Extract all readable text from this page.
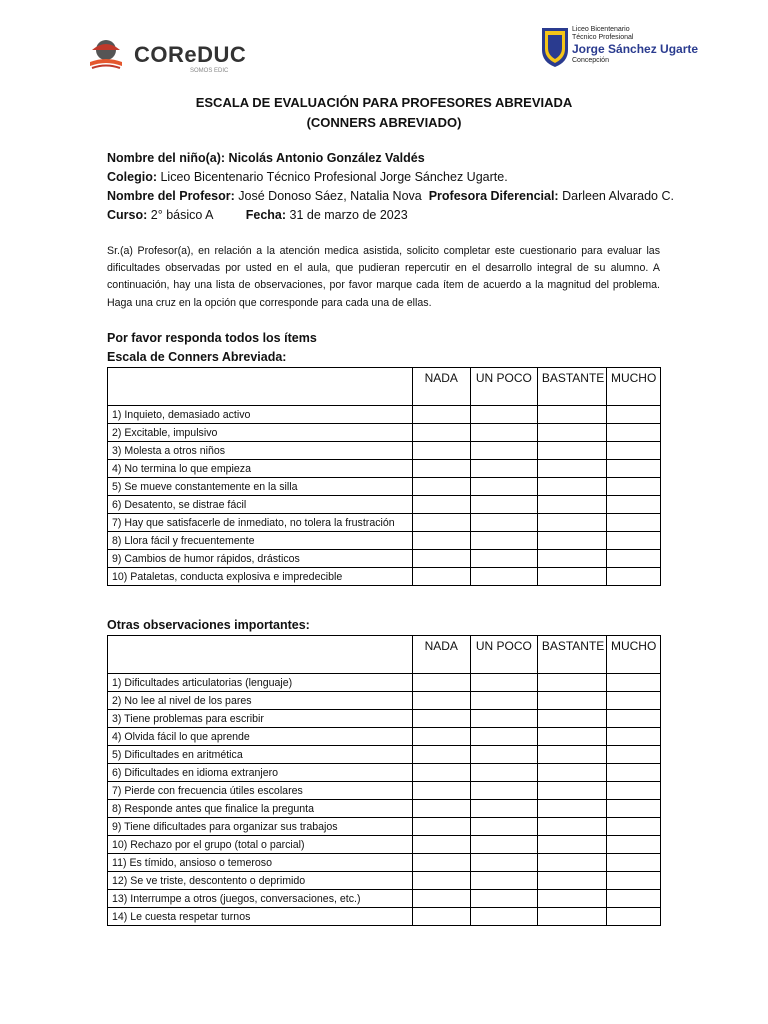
COReDUC
SOMOS EDIC
Liceo Bicentenario
Técnico Profesional
Jorge Sánchez Ugarte
Concepción
ESCALA DE EVALUACIÓN PARA PROFESORES ABREVIADA
(CONNERS ABREVIADO)
Nombre del niño(a): Nicolás Antonio González Valdés
Colegio: Liceo Bicentenario Técnico Profesional Jorge Sánchez Ugarte.
Nombre del Profesor: José Donoso Sáez, Natalia Nova Profesora Diferencial: Darleen Alvarado C.
Curso: 2° básico A	Fecha: 31 de marzo de 2023
Sr.(a) Profesor(a), en relación a la atención medica asistida, solicito completar este cuestionario para evaluar las dificultades observadas por usted en el aula, que pudieran repercutir en el desarrollo integral de su alumno. A continuación, hay una lista de observaciones, por favor marque cada ítem de acuerdo a la magnitud del problema. Haga una cruz en la opción que corresponde para cada una de ellas.
Por favor responda todos los ítems
Escala de Conners Abreviada:
	NADA	UN POCO	BASTANTE	MUCHO
1) Inquieto, demasiado activo				
2) Excitable, impulsivo				
3) Molesta a otros niños				
4) No termina lo que empieza				
5) Se mueve constantemente en la silla				
6) Desatento, se distrae fácil				
7) Hay que satisfacerle de inmediato, no tolera la frustración				
8) Llora fácil y frecuentemente				
9) Cambios de humor rápidos, drásticos				
10) Pataletas, conducta explosiva e impredecible				
Otras observaciones importantes:
	NADA	UN POCO	BASTANTE	MUCHO
1) Dificultades articulatorias (lenguaje)				
2) No lee al nivel de los pares				
3) Tiene problemas para escribir				
4) Olvida fácil lo que aprende				
5) Dificultades en aritmética				
6) Dificultades en idioma extranjero				
7) Pierde con frecuencia útiles escolares				
8) Responde antes que finalice la pregunta				
9) Tiene dificultades para organizar sus trabajos				
10) Rechazo por el grupo (total o parcial)				
11) Es tímido, ansioso o temeroso				
12) Se ve triste, descontento o deprimido				
13) Interrumpe a otros (juegos, conversaciones, etc.)				
14) Le cuesta respetar turnos				
